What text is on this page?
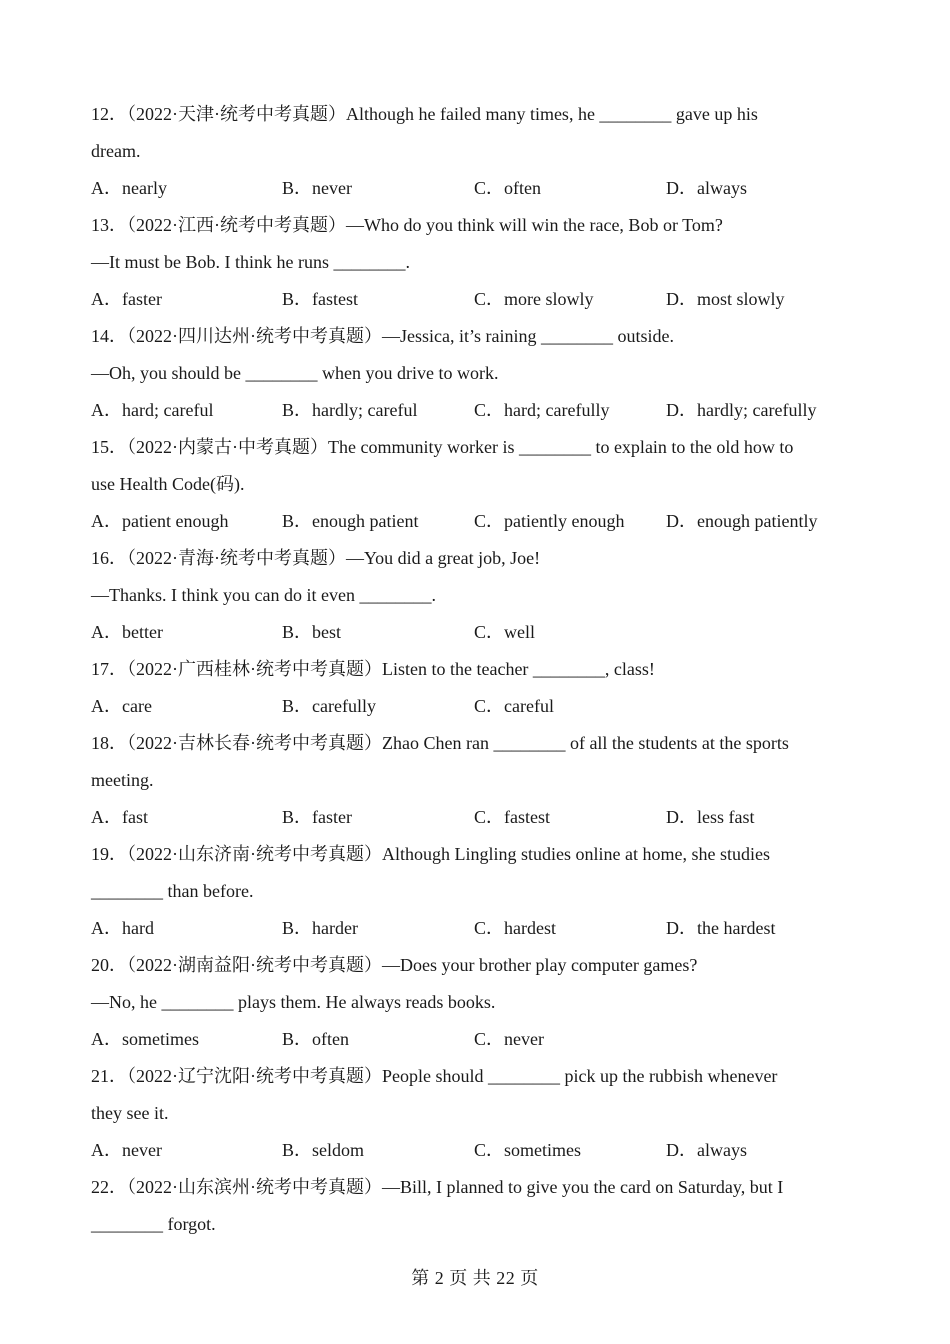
12．（2022·天津·统考中考真题）Although he failed many times, he ________ gave up his
dream.
A．nearly	B．never	C．often	D．always
13．（2022·江西·统考中考真题）—Who do you think will win the race, Bob or Tom?
—It must be Bob. I think he runs ________.
A．faster	B．fastest	C．more slowly	D．most slowly
14．（2022·四川达州·统考中考真题）—Jessica, it’s raining ________ outside.
—Oh, you should be ________ when you drive to work.
A．hard; careful	B．hardly; careful	C．hard; carefully	D．hardly; carefully
15．（2022·内蒙古·中考真题）The community worker is ________ to explain to the old how to
use Health Code(码).
A．patient enough	B．enough patient	C．patiently enough D．enough patiently
16．（2022·青海·统考中考真题）—You did a great job, Joe!
—Thanks. I think you can do it even ________.
A．better	B．best	C．well
17．（2022·广西桂林·统考中考真题）Listen to the teacher ________, class!
A．care	B．carefully	C．careful
18．（2022·吉林长春·统考中考真题）Zhao Chen ran ________ of all the students at the sports
meeting.
A．fast	B．faster	C．fastest	D．less fast
19．（2022·山东济南·统考中考真题）Although Lingling studies online at home, she studies
________ than before.
A．hard	B．harder	C．hardest	D．the hardest
20．（2022·湖南益阳·统考中考真题）—Does your brother play computer games?
—No, he ________ plays them. He always reads books.
A．sometimes	B．often	C．never
21．（2022·辽宁沈阳·统考中考真题）People should ________ pick up the rubbish whenever
they see it.
A．never	B．seldom	C．sometimes	D．always
22．（2022·山东滨州·统考中考真题）—Bill, I planned to give you the card on Saturday, but I
________ forgot.
第 2 页 共 22 页
